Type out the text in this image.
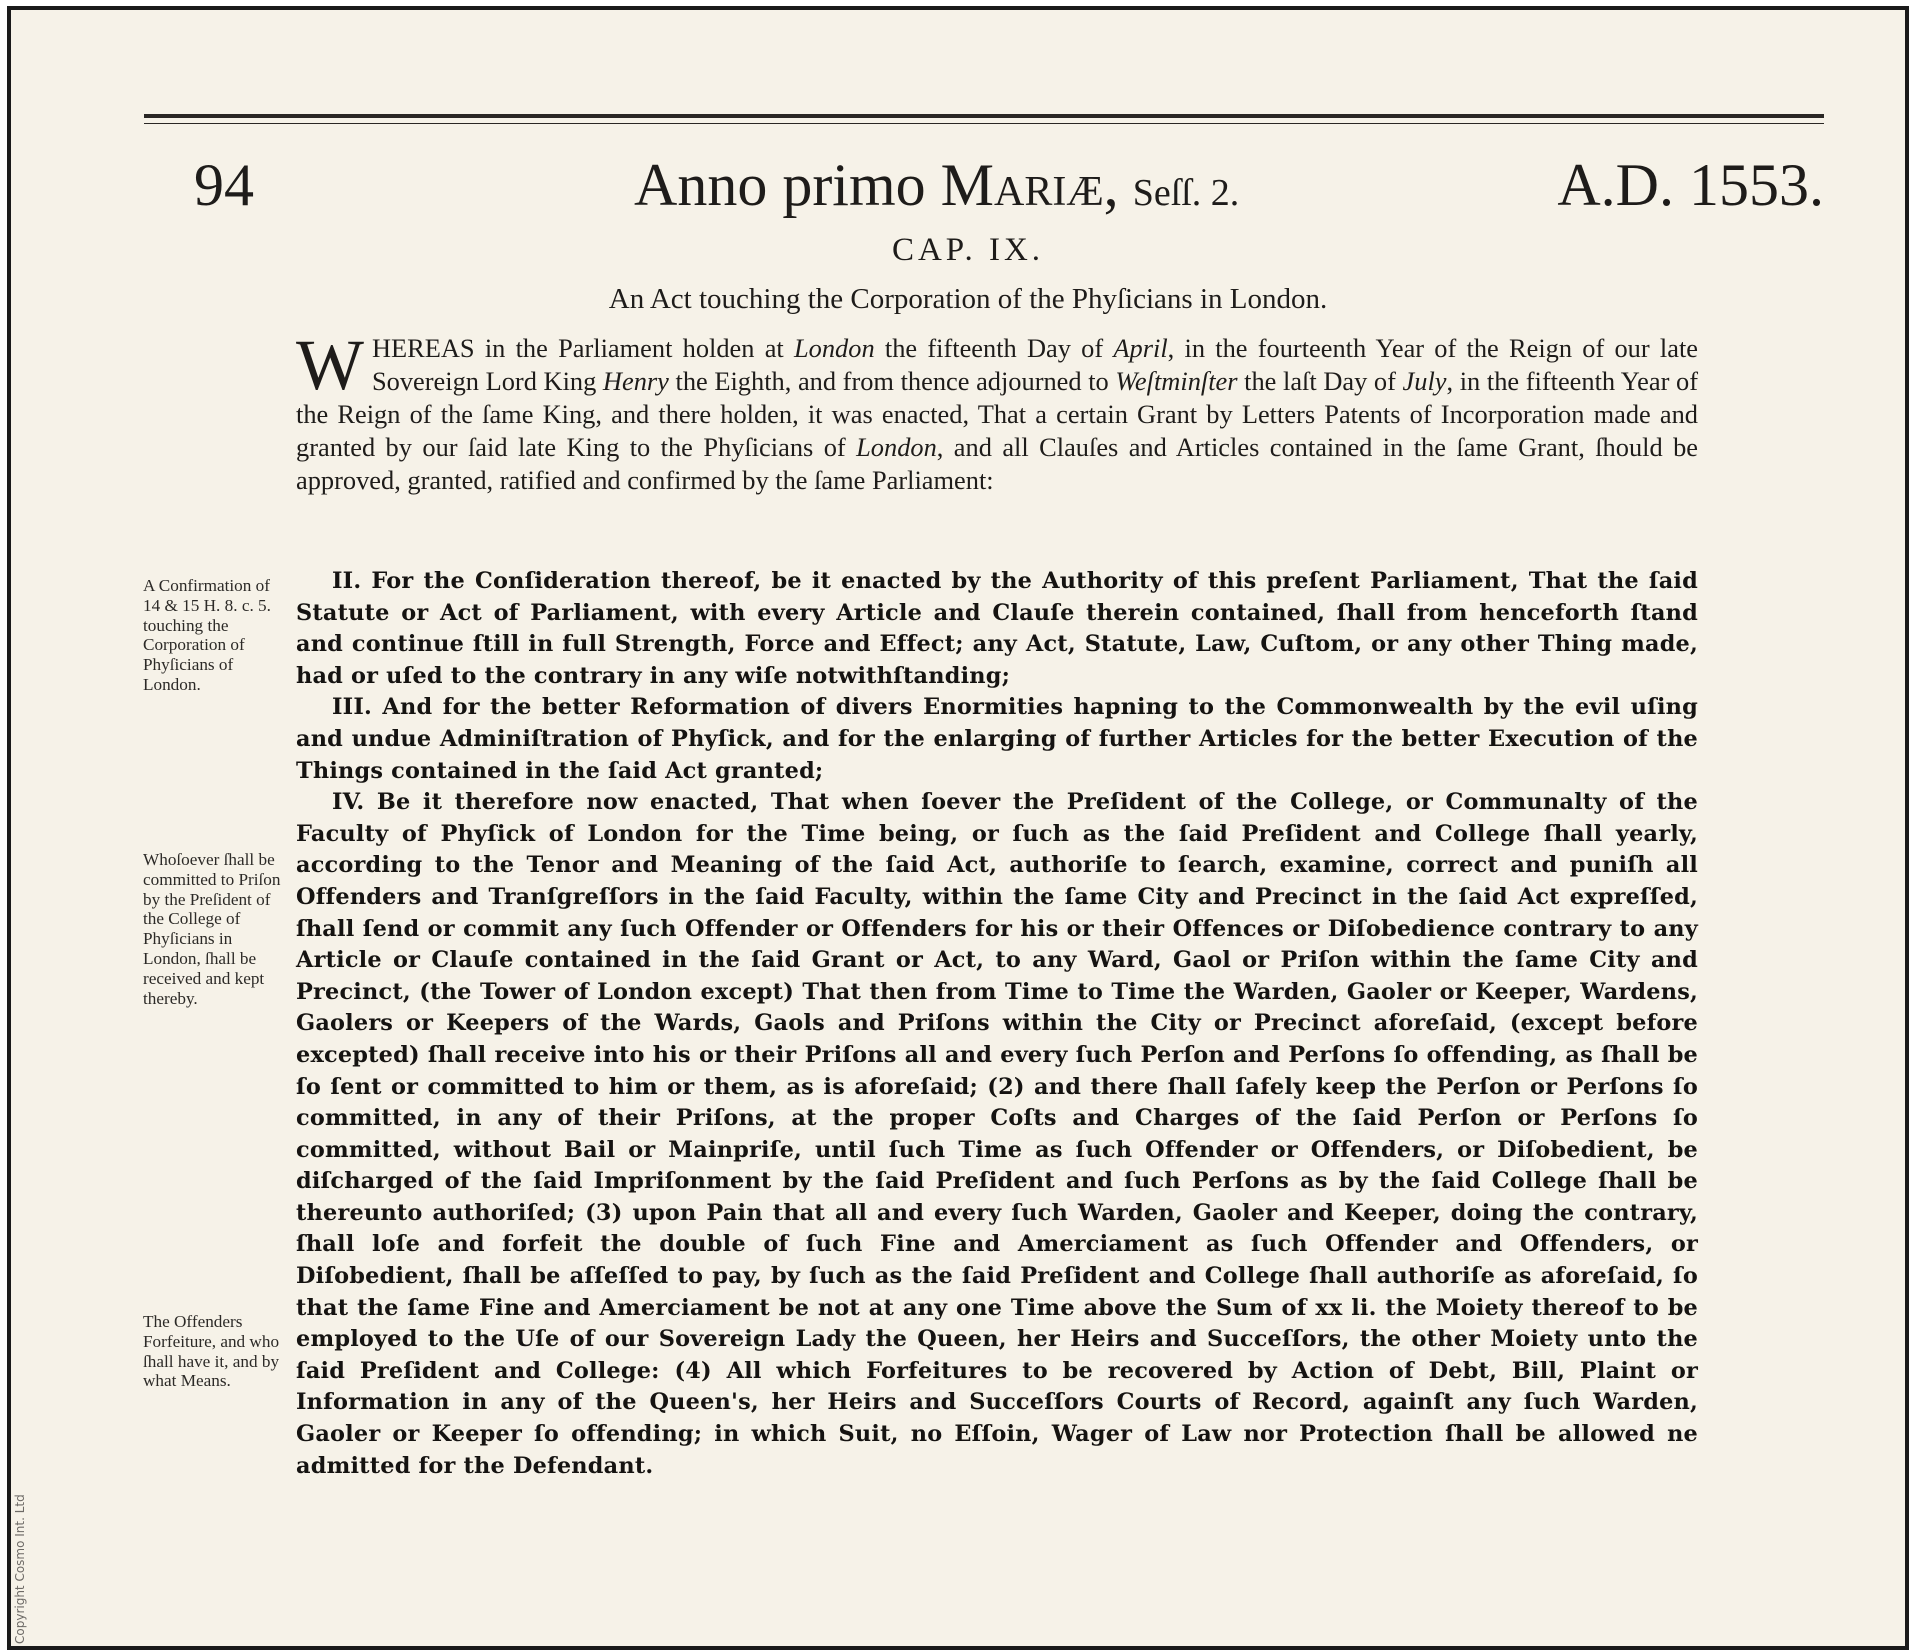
94	Anno primo Mariæ, Seſſ. 2.	A.D. 1553.
CAP. IX.
An Act touching the Corporation of the Phyſicians in London.
WHEREAS in the Parliament holden at London the fifteenth Day of April, in the fourteenth Year of the Reign of our late Sovereign Lord King Henry the Eighth, and from thence adjourned to Weſtminſter the laſt Day of July, in the fifteenth Year of the Reign of the ſame King, and there holden, it was enacted, That a certain Grant by Letters Patents of Incorporation made and granted by our ſaid late King to the Phyſicians of London, and all Clauſes and Articles contained in the ſame Grant, ſhould be approved, granted, ratified and confirmed by the ſame Parliament:
A Confirmation of 14 & 15 H. 8. c. 5. touching the Corporation of Phyſicians of London.
Whoſoever ſhall be committed to Priſon by the Preſident of the College of Phyſicians in London, ſhall be received and kept thereby.
The Offenders Forfeiture, and who ſhall have it, and by what Means.

II. For the Conſideration thereof, be it enacted by the Authority of this preſent Parliament, That the ſaid Statute or Act of Parliament, with every Article and Clauſe therein contained, ſhall from henceforth ſtand and continue ſtill in full Strength, Force and Effect; any Act, Statute, Law, Cuſtom, or any other Thing made, had or uſed to the contrary in any wiſe notwithſtanding;

III. And for the better Reformation of divers Enormities hapning to the Commonwealth by the evil uſing and undue Adminiſtration of Phyſick, and for the enlarging of further Articles for the better Execution of the Things contained in the ſaid Act granted;

IV. Be it therefore now enacted, That when ſoever the Preſident of the College, or Communalty of the Faculty of Phyſick of London for the Time being, or ſuch as the ſaid Preſident and College ſhall yearly, according to the Tenor and Meaning of the ſaid Act, authoriſe to ſearch, examine, correct and puniſh all Offenders and Tranſgreſſors in the ſaid Faculty, within the ſame City and Precinct in the ſaid Act expreſſed, ſhall ſend or commit any ſuch Offender or Offenders for his or their Offences or Diſobedience contrary to any Article or Clauſe contained in the ſaid Grant or Act, to any Ward, Gaol or Priſon within the ſame City and Precinct, (the Tower of London except) That then from Time to Time the Warden, Gaoler or Keeper, Wardens, Gaolers or Keepers of the Wards, Gaols and Priſons within the City or Precinct aforeſaid, (except before excepted) ſhall receive into his or their Priſons all and every ſuch Perſon and Perſons ſo offending, as ſhall be ſo ſent or committed to him or them, as is aforeſaid; (2) and there ſhall ſafely keep the Perſon or Perſons ſo committed, in any of their Priſons, at the proper Coſts and Charges of the ſaid Perſon or Perſons ſo committed, without Bail or Mainpriſe, until ſuch Time as ſuch Offender or Offenders, or Diſobedient, be diſcharged of the ſaid Impriſonment by the ſaid Preſident and ſuch Perſons as by the ſaid College ſhall be thereunto authoriſed; (3) upon Pain that all and every ſuch Warden, Gaoler and Keeper, doing the contrary, ſhall loſe and forfeit the double of ſuch Fine and Amerciament as ſuch Offender and Offenders, or Diſobedient, ſhall be aſſeſſed to pay, by ſuch as the ſaid Preſident and College ſhall authoriſe as aforeſaid, ſo that the ſame Fine and Amerciament be not at any one Time above the Sum of xx li. the Moiety thereof to be employed to the Uſe of our Sovereign Lady the Queen, her Heirs and Succeſſors, the other Moiety unto the ſaid Preſident and College: (4) All which Forfeitures to be recovered by Action of Debt, Bill, Plaint or Information in any of the Queen's, her Heirs and Succeſſors Courts of Record, againſt any ſuch Warden, Gaoler or Keeper ſo offending; in which Suit, no Eſſoin, Wager of Law nor Protection ſhall be allowed ne admitted for the Defendant.

Copyright Cosmo Int. Ltd
